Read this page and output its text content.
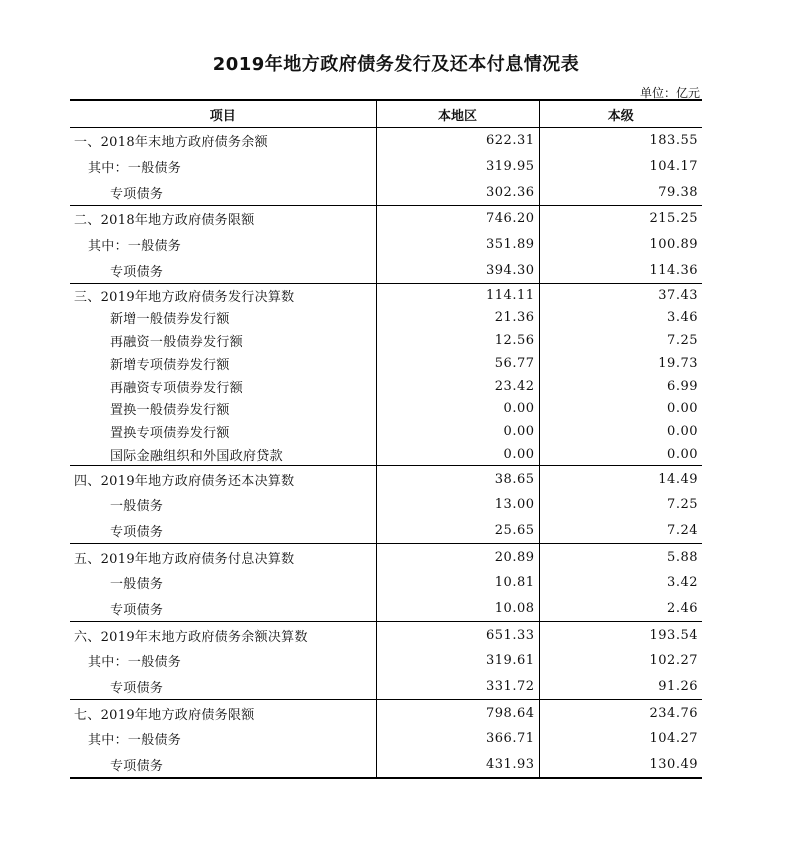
2019年地方政府债务发行及还本付息情况表
单位：亿元
项目	本地区	本级
一、2018年末地方政府债务余额	622.31	183.55
其中：一般债务	319.95	104.17
专项债务	302.36	79.38
二、2018年地方政府债务限额	746.20	215.25
其中：一般债务	351.89	100.89
专项债务	394.30	114.36
三、2019年地方政府债务发行决算数	114.11	37.43
新增一般债券发行额	21.36	3.46
再融资一般债券发行额	12.56	7.25
新增专项债券发行额	56.77	19.73
再融资专项债券发行额	23.42	6.99
置换一般债券发行额	0.00	0.00
置换专项债券发行额	0.00	0.00
国际金融组织和外国政府贷款	0.00	0.00
四、2019年地方政府债务还本决算数	38.65	14.49
一般债务	13.00	7.25
专项债务	25.65	7.24
五、2019年地方政府债务付息决算数	20.89	5.88
一般债务	10.81	3.42
专项债务	10.08	2.46
六、2019年末地方政府债务余额决算数	651.33	193.54
其中：一般债务	319.61	102.27
专项债务	331.72	91.26
七、2019年地方政府债务限额	798.64	234.76
其中：一般债务	366.71	104.27
专项债务	431.93	130.49
